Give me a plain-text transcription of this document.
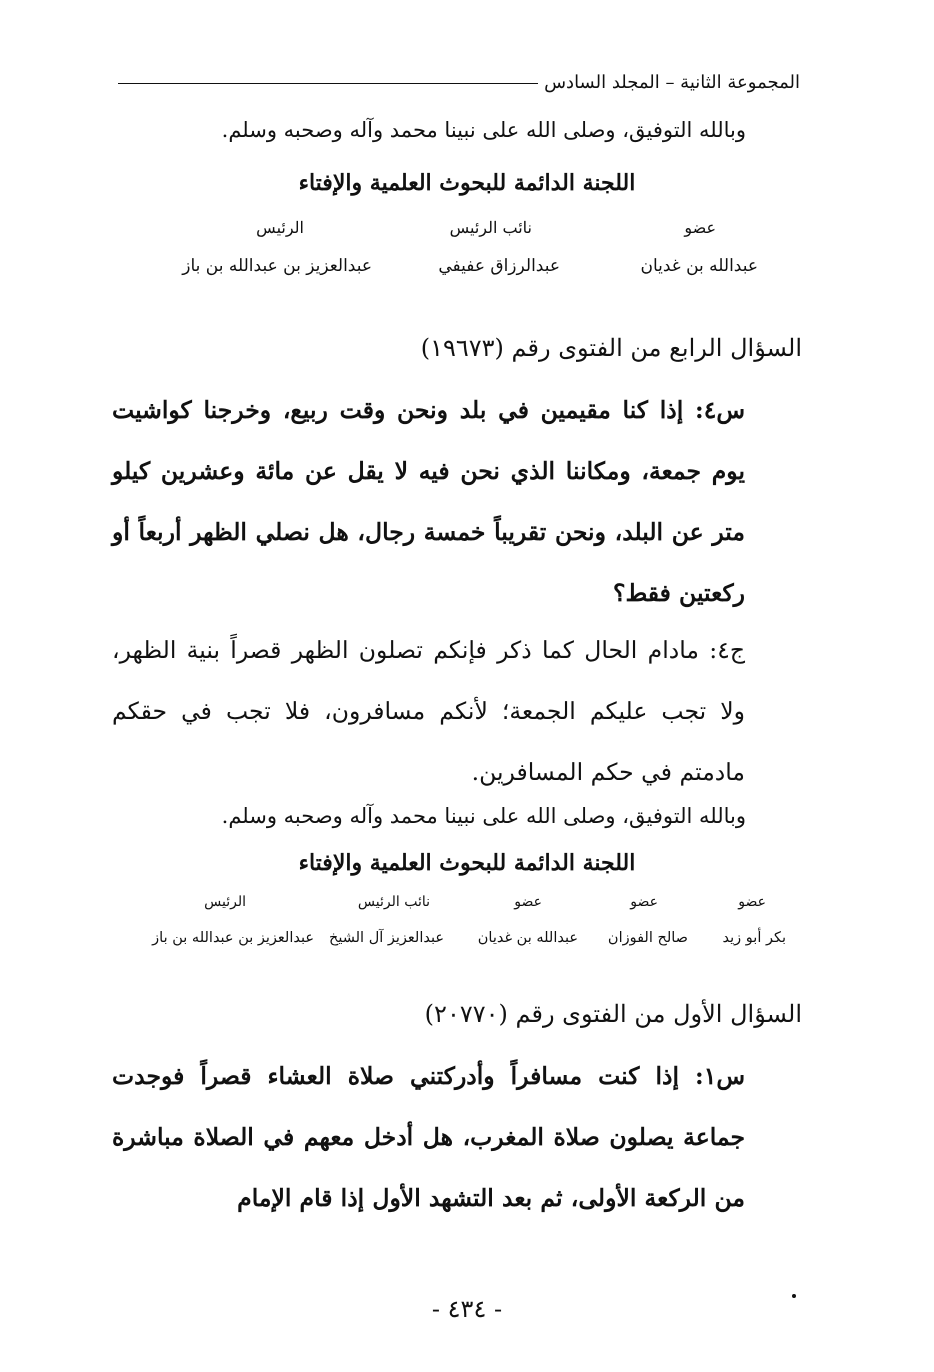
المجموعة الثانية – المجلد السادس
وبالله التوفيق، وصلى الله على نبينا محمد وآله وصحبه وسلم.
اللجنة الدائمة للبحوث العلمية والإفتاء
عضو
نائب الرئيس
الرئيس
عبدالله بن غديان
عبدالرزاق عفيفي
عبدالعزيز بن عبدالله بن باز
السؤال الرابع من الفتوى رقم (١٩٦٧٣)
س٤: إذا كنا مقيمين في بلد ونحن وقت ربيع، وخرجنا كواشيت يوم جمعة، ومكاننا الذي نحن فيه لا يقل عن مائة وعشرين كيلو متر عن البلد، ونحن تقريباً خمسة رجال، هل نصلي الظهر أربعاً أو ركعتين فقط؟
ج٤: مادام الحال كما ذكر فإنكم تصلون الظهر قصراً بنية الظهر، ولا تجب عليكم الجمعة؛ لأنكم مسافرون، فلا تجب في حقكم مادمتم في حكم المسافرين.
وبالله التوفيق، وصلى الله على نبينا محمد وآله وصحبه وسلم.
اللجنة الدائمة للبحوث العلمية والإفتاء
عضو
عضو
عضو
نائب الرئيس
الرئيس
بكر أبو زيد
صالح الفوزان
عبدالله بن غديان
عبدالعزيز آل الشيخ
عبدالعزيز بن عبدالله بن باز
السؤال الأول من الفتوى رقم (٢٠٧٧٠)
س١: إذا كنت مسافراً وأدركتني صلاة العشاء قصراً فوجدت جماعة يصلون صلاة المغرب، هل أدخل معهم في الصلاة مباشرة من الركعة الأولى، ثم بعد التشهد الأول إذا قام الإمام
- ٤٣٤ -
